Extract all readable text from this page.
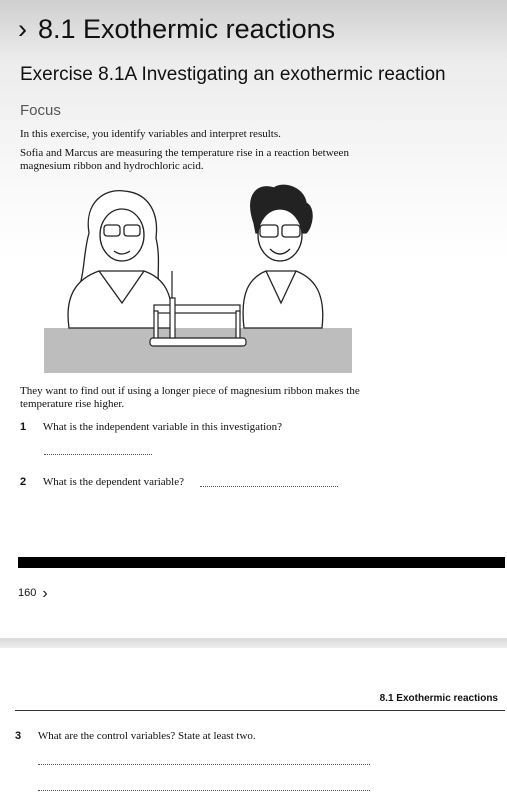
› 8.1 Exothermic reactions
Exercise 8.1A Investigating an exothermic reaction
Focus
In this exercise, you identify variables and interpret results.
Sofia and Marcus are measuring the temperature rise in a reaction between magnesium ribbon and hydrochloric acid.
They want to find out if using a longer piece of magnesium ribbon makes the temperature rise higher.
1 What is the independent variable in this investigation?
2 What is the dependent variable?
160 ›
8.1 Exothermic reactions
3 What are the control variables? State at least two.
